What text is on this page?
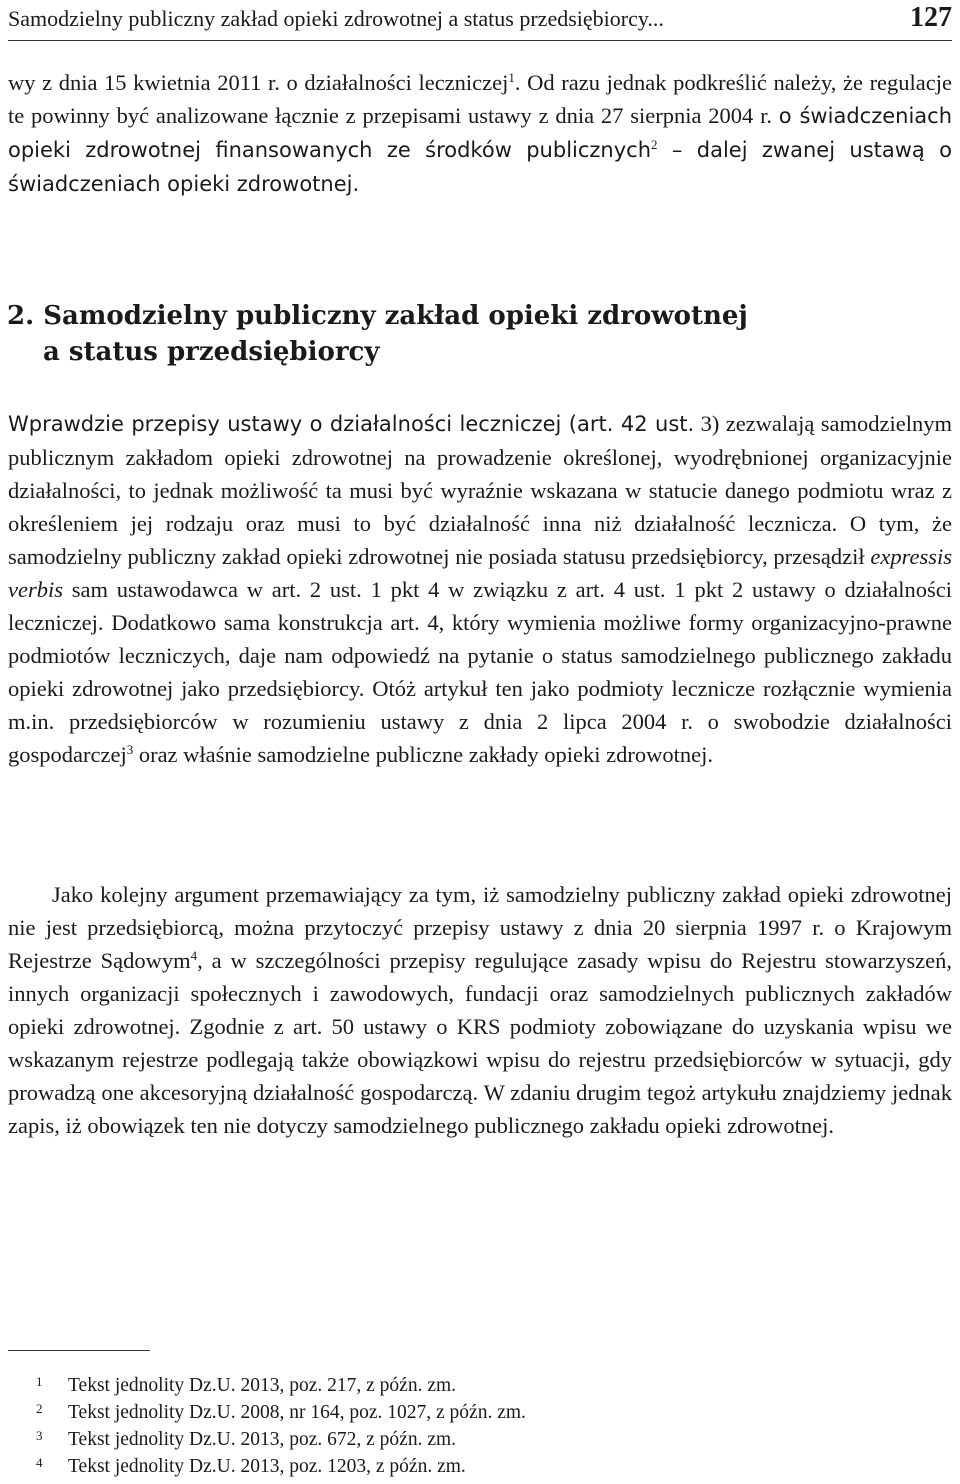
Samodzielny publiczny zakład opieki zdrowotnej a status przedsiębiorcy...	127

wy z dnia 15 kwietnia 2011 r. o działalności leczniczej$^1$. Od razu jednak podkreślić należy, że regulacje te powinny być analizowane łącznie z przepisami ustawy z dnia 27 sierpnia 2004 r. o świadczeniach opieki zdrowotnej finansowanych ze środków publicznych$^2$ – dalej zwanej ustawą o świadczeniach opieki zdrowotnej.

2. Samodzielny publiczny zakład opieki zdrowotnej
a status przedsiębiorcy

Wprawdzie przepisy ustawy o działalności leczniczej (art. 42 ust. 3) zezwalają samodzielnym publicznym zakładom opieki zdrowotnej na prowadzenie określonej, wyodrębnionej organizacyjnie działalności, to jednak możliwość ta musi być wyraźnie wskazana w statucie danego podmiotu wraz z określeniem jej rodzaju oraz musi to być działalność inna niż działalność lecznicza. O tym, że samodzielny publiczny zakład opieki zdrowotnej nie posiada statusu przedsiębiorcy, przesądził expressis verbis sam ustawodawca w art. 2 ust. 1 pkt 4 w związku z art. 4 ust. 1 pkt 2 ustawy o działalności leczniczej. Dodatkowo sama konstrukcja art. 4, który wymienia możliwe formy organizacyjno-prawne podmiotów leczniczych, daje nam odpowiedź na pytanie o status samodzielnego publicznego zakładu opieki zdrowotnej jako przedsiębiorcy. Otóż artykuł ten jako podmioty lecznicze rozłącznie wymienia m.in. przedsiębiorców w rozumieniu ustawy z dnia 2 lipca 2004 r. o swobodzie działalności gospodarczej$^3$ oraz właśnie samodzielne publiczne zakłady opieki zdrowotnej.

Jako kolejny argument przemawiający za tym, iż samodzielny publiczny zakład opieki zdrowotnej nie jest przedsiębiorcą, można przytoczyć przepisy ustawy z dnia 20 sierpnia 1997 r. o Krajowym Rejestrze Sądowym$^4$, a w szczególności przepisy regulujące zasady wpisu do Rejestru stowarzyszeń, innych organizacji społecznych i zawodowych, fundacji oraz samodzielnych publicznych zakładów opieki zdrowotnej. Zgodnie z art. 50 ustawy o KRS podmioty zobowiązane do uzyskania wpisu we wskazanym rejestrze podlegają także obowiązkowi wpisu do rejestru przedsiębiorców w sytuacji, gdy prowadzą one akcesoryjną działalność gospodarczą. W zdaniu drugim tegoż artykułu znajdziemy jednak zapis, iż obowiązek ten nie dotyczy samodzielnego publicznego zakładu opieki zdrowotnej.

1 Tekst jednolity Dz.U. 2013, poz. 217, z późn. zm.
2 Tekst jednolity Dz.U. 2008, nr 164, poz. 1027, z późn. zm.
3 Tekst jednolity Dz.U. 2013, poz. 672, z późn. zm.
4 Tekst jednolity Dz.U. 2013, poz. 1203, z późn. zm.
